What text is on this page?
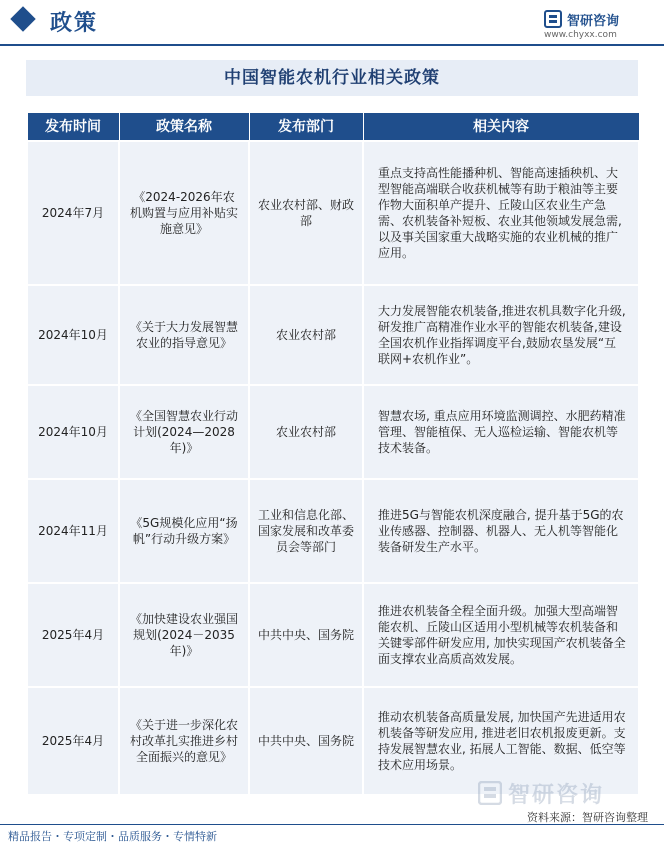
政策	智研咨询
www.chyxx.com
中国智能农机行业相关政策
发布时间	政策名称	发布部门	相关内容
2024年7月	《2024-2026年农机购置与应用补贴实施意见》	农业农村部、财政部	重点支持高性能播种机、智能高速插秧机、大型智能高端联合收获机械等有助于粮油等主要作物大面积单产提升、丘陵山区农业生产急需、农机装备补短板、农业其他领域发展急需,以及事关国家重大战略实施的农业机械的推广应用。
2024年10月	《关于大力发展智慧农业的指导意见》	农业农村部	大力发展智能农机装备,推进农机具数字化升级,研发推广高精准作业水平的智能农机装备,建设全国农机作业指挥调度平台,鼓励农垦发展“互联网+农机作业”。
2024年10月	《全国智慧农业行动计划(2024—2028年)》	农业农村部	智慧农场, 重点应用环境监测调控、水肥药精准管理、智能植保、无人巡检运输、智能农机等技术装备。
2024年11月	《5G规模化应用“扬帆”行动升级方案》	工业和信息化部、国家发展和改革委员会等部门	推进5G与智能农机深度融合, 提升基于5G的农业传感器、控制器、机器人、无人机等智能化装备研发生产水平。
2025年4月	《加快建设农业强国规划(2024－2035年)》	中共中央、国务院	推进农机装备全程全面升级。加强大型高端智能农机、丘陵山区适用小型机械等农机装备和关键零部件研发应用, 加快实现国产农机装备全面支撑农业高质高效发展。
2025年4月	《关于进一步深化农村改革扎实推进乡村全面振兴的意见》	中共中央、国务院	推动农机装备高质量发展, 加快国产先进适用农机装备等研发应用, 推进老旧农机报废更新。支持发展智慧农业, 拓展人工智能、数据、低空等技术应用场景。
智研咨询
资料来源：智研咨询整理
精品报告・专项定制・品质服务・专情特新
